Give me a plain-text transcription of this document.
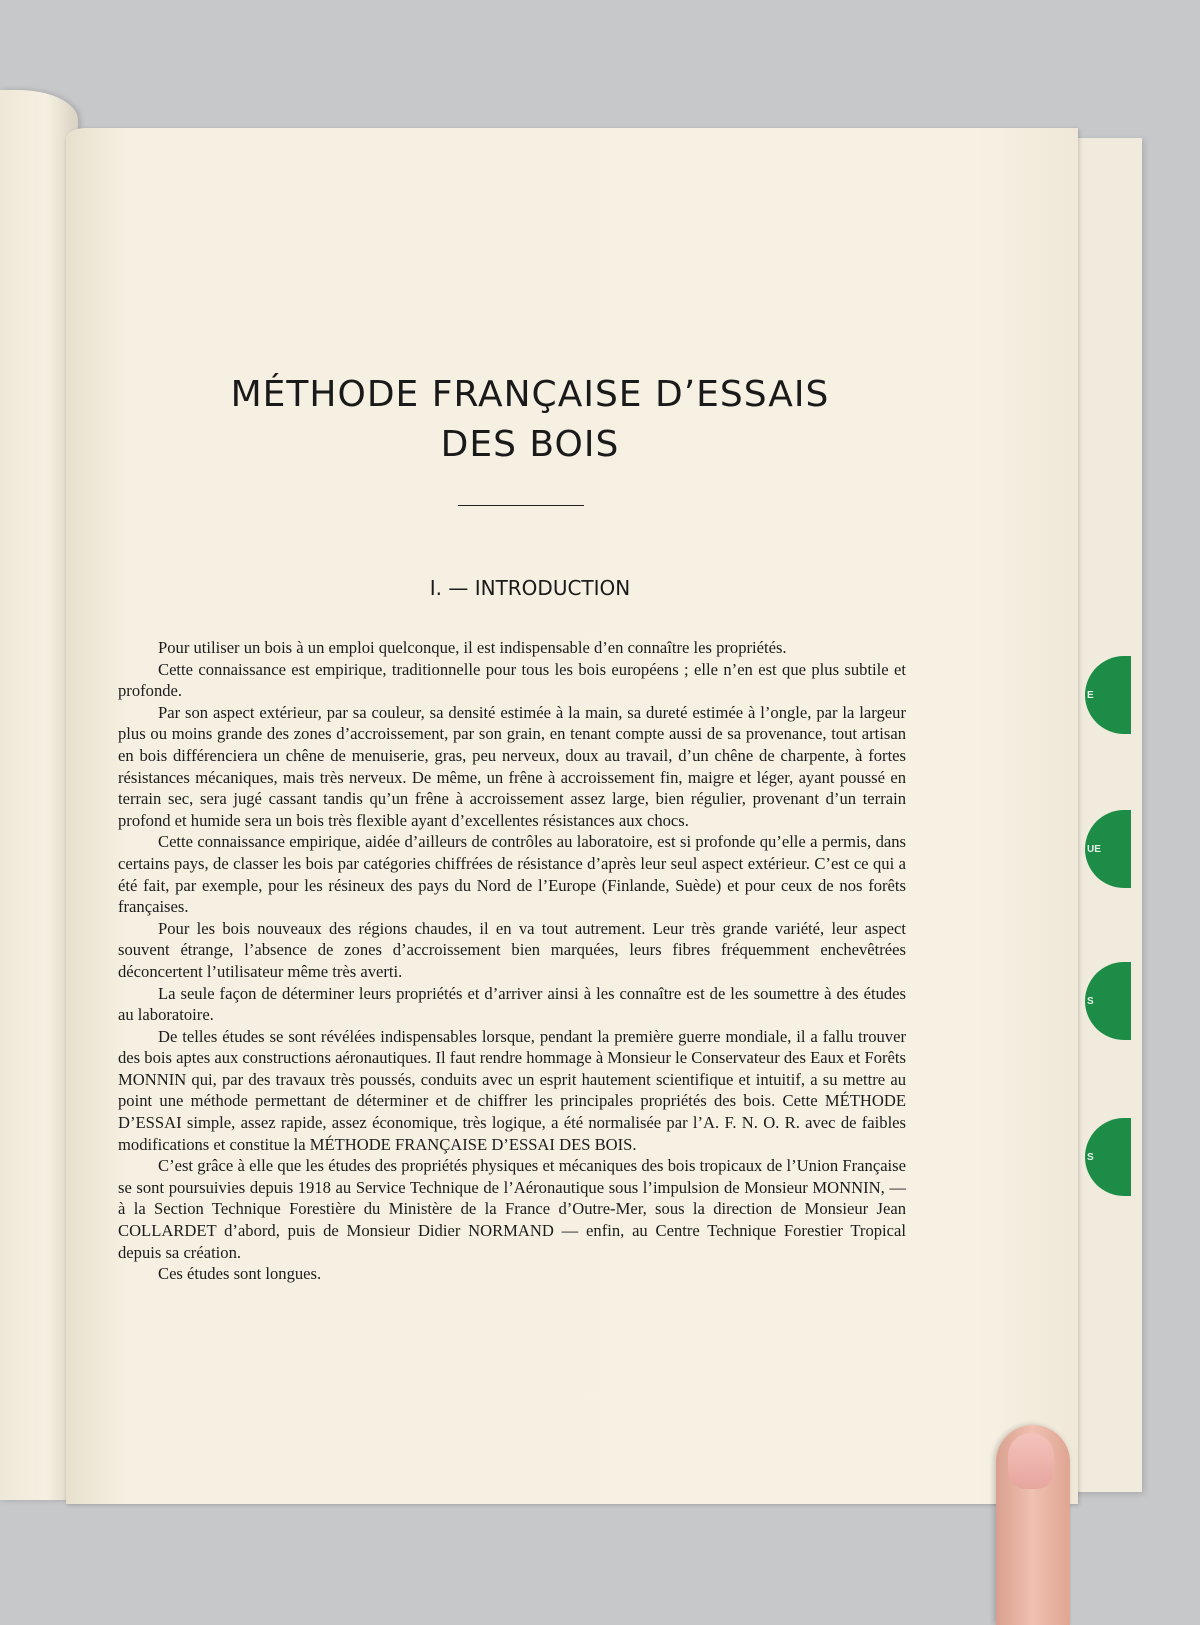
E
UE
S
S
MÉTHODE FRANÇAISE D’ESSAIS
DES BOIS
I. — INTRODUCTION

Pour utiliser un bois à un emploi quelconque, il est indispensable d’en connaître les propriétés.

Cette connaissance est empirique, traditionnelle pour tous les bois européens ; elle n’en est que plus subtile et profonde.

Par son aspect extérieur, par sa couleur, sa densité estimée à la main, sa dureté estimée à l’ongle, par la largeur plus ou moins grande des zones d’accroissement, par son grain, en tenant compte aussi de sa provenance, tout artisan en bois différenciera un chêne de menuiserie, gras, peu nerveux, doux au travail, d’un chêne de charpente, à fortes résistances mécaniques, mais très nerveux. De même, un frêne à accroissement fin, maigre et léger, ayant poussé en terrain sec, sera jugé cassant tandis qu’un frêne à accroissement assez large, bien régulier, provenant d’un terrain profond et humide sera un bois très flexible ayant d’excellentes résistances aux chocs.

Cette connaissance empirique, aidée d’ailleurs de contrôles au laboratoire, est si profonde qu’elle a permis, dans certains pays, de classer les bois par catégories chiffrées de résistance d’après leur seul aspect extérieur. C’est ce qui a été fait, par exemple, pour les résineux des pays du Nord de l’Europe (Finlande, Suède) et pour ceux de nos forêts françaises.

Pour les bois nouveaux des régions chaudes, il en va tout autrement. Leur très grande variété, leur aspect souvent étrange, l’absence de zones d’accroissement bien marquées, leurs fibres fréquemment enchevêtrées déconcertent l’utilisateur même très averti.

La seule façon de déterminer leurs propriétés et d’arriver ainsi à les connaître est de les soumettre à des études au laboratoire.

De telles études se sont révélées indispensables lorsque, pendant la première guerre mondiale, il a fallu trouver des bois aptes aux constructions aéronautiques. Il faut rendre hommage à Monsieur le Conservateur des Eaux et Forêts MONNIN qui, par des travaux très poussés, conduits avec un esprit hautement scientifique et intuitif, a su mettre au point une méthode permettant de déterminer et de chiffrer les principales propriétés des bois. Cette MÉTHODE D’ESSAI simple, assez rapide, assez économique, très logique, a été normalisée par l’A. F. N. O. R. avec de faibles modifications et constitue la MÉTHODE FRANÇAISE D’ESSAI DES BOIS.

C’est grâce à elle que les études des propriétés physiques et mécaniques des bois tropicaux de l’Union Française se sont poursuivies depuis 1918 au Service Technique de l’Aéronautique sous l’impulsion de Monsieur MONNIN, — à la Section Technique Forestière du Ministère de la France d’Outre-Mer, sous la direction de Monsieur Jean COLLARDET d’abord, puis de Monsieur Didier NORMAND — enfin, au Centre Technique Forestier Tropical depuis sa création.

Ces études sont longues.
